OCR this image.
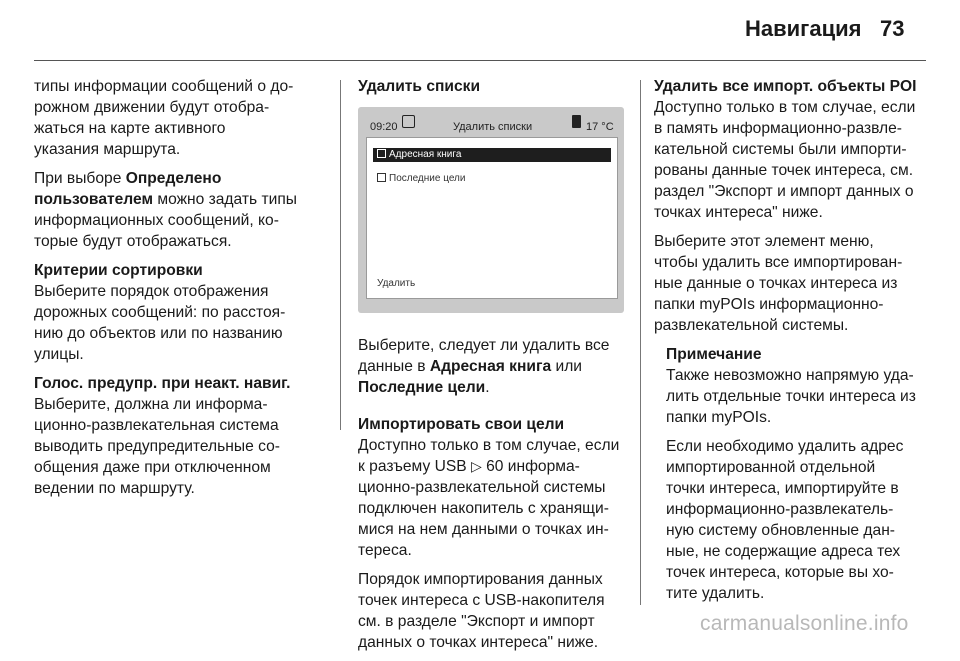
Навигация 73

типы информации сообщений о до-
рожном движении будут отобра-
жаться на карте активного
указания маршрута.

При выборе Определено
пользователем можно задать типы
информационных сообщений, ко-
торые будут отображаться.

Критерии сортировки
Выберите порядок отображения
дорожных сообщений: по расстоя-
нию до объектов или по названию
улицы.

Голос. предупр. при неакт. навиг.
Выберите, должна ли информа-
ционно-развлекательная система
выводить предупредительные со-
общения даже при отключенном
ведении по маршруту.

Удалить списки
09:20	Удалить списки	17 °C
Адресная книга
Последние цели
Удалить

Выберите, следует ли удалить все
данные в Адресная книга или
Последние цели.

Импортировать свои цели
Доступно только в том случае, если
к разъему USB ▷ 60 информа-
ционно-развлекательной системы
подключен накопитель с хранящи-
мися на нем данными о точках ин-
тереса.

Порядок импортирования данных
точек интереса с USB-накопителя
см. в разделе "Экспорт и импорт
данных о точках интереса" ниже.

Удалить все импорт. объекты POI
Доступно только в том случае, если
в память информационно-развле-
кательной системы были импорти-
рованы данные точек интереса, см.
раздел "Экспорт и импорт данных о
точках интереса" ниже.

Выберите этот элемент меню,
чтобы удалить все импортирован-
ные данные о точках интереса из
папки myPOIs информационно-
развлекательной системы.

Примечание
Также невозможно напрямую уда-
лить отдельные точки интереса из
папки myPOIs.

Если необходимо удалить адрес
импортированной отдельной
точки интереса, импортируйте в
информационно-развлекатель-
ную систему обновленные дан-
ные, не содержащие адреса тех
точек интереса, которые вы хо-
тите удалить.

carmanualsonline.info
